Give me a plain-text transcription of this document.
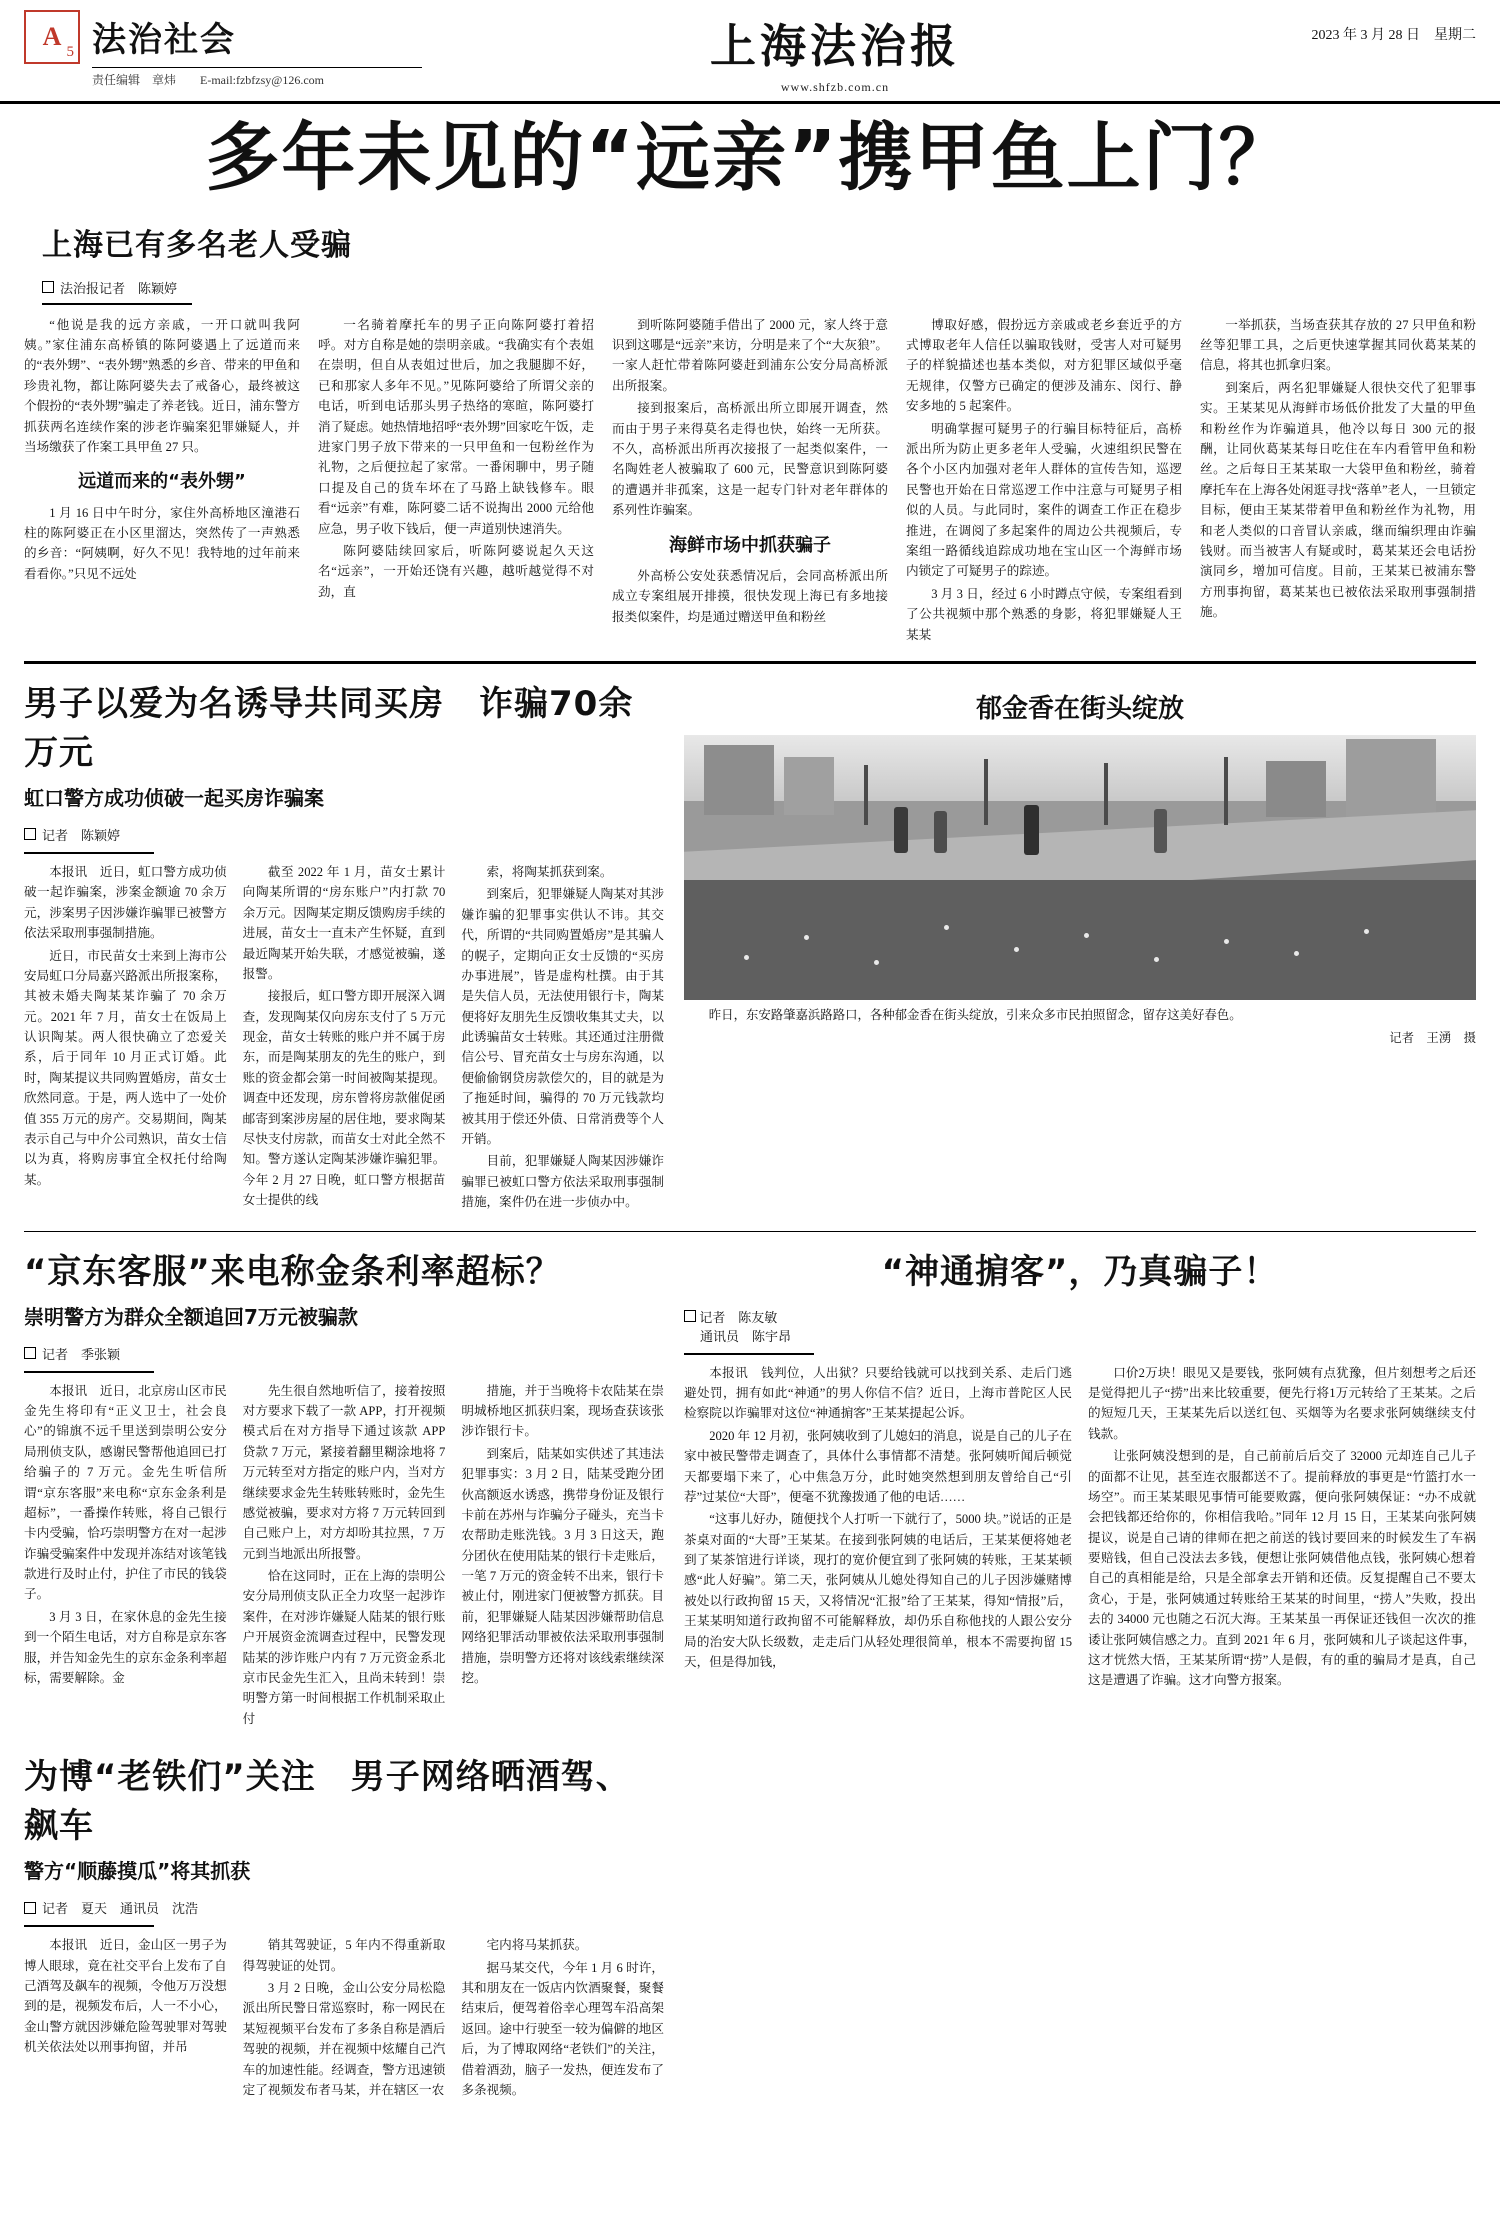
A
5 法治社会
责任编辑　章炜　　E-mail:fzbfzsy@126.com
上海法治报
www.shfzb.com.cn
2023 年 3 月 28 日　星期二
多年未见的“远亲”携甲鱼上门？
上海已有多名老人受骗
法治报记者　陈颖婷

“他说是我的远方亲戚，一开口就叫我阿姨。”家住浦东高桥镇的陈阿婆遇上了远道而来的“表外甥”、“表外甥”熟悉的乡音、带来的甲鱼和珍贵礼物，都让陈阿婆失去了戒备心，最终被这个假扮的“表外甥”骗走了养老钱。近日，浦东警方抓获两名连续作案的涉老诈骗案犯罪嫌疑人，并当场缴获了作案工具甲鱼 27 只。

远道而来的“表外甥”

1 月 16 日中午时分，家住外高桥地区潼港石柱的陈阿婆正在小区里溜达，突然传了一声熟悉的乡音：“阿姨啊，好久不见！我特地的过年前来看看你。”只见不远处

一名骑着摩托车的男子正向陈阿婆打着招呼。对方自称是她的崇明亲戚。“我确实有个表姐在崇明，但自从表姐过世后，加之我腿脚不好，已和那家人多年不见。”见陈阿婆给了所谓父亲的电话，听到电话那头男子热络的寒暄，陈阿婆打消了疑虑。她热情地招呼“表外甥”回家吃午饭，走进家门男子放下带来的一只甲鱼和一包粉丝作为礼物，之后便拉起了家常。一番闲聊中，男子随口提及自己的货车坏在了马路上缺钱修车。眼看“远亲”有难，陈阿婆二话不说掏出 2000 元给他应急，男子收下钱后，便一声道别快速消失。

陈阿婆陆续回家后，听陈阿婆说起久天这名“远亲”，一开始还饶有兴趣，越听越觉得不对劲，直

到听陈阿婆随手借出了 2000 元，家人终于意识到这哪是“远亲”来访，分明是来了个“大灰狼”。一家人赶忙带着陈阿婆赶到浦东公安分局高桥派出所报案。

接到报案后，高桥派出所立即展开调查，然而由于男子来得莫名走得也快，始终一无所获。不久，高桥派出所再次接报了一起类似案件，一名陶姓老人被骗取了 600 元，民警意识到陈阿婆的遭遇并非孤案，这是一起专门针对老年群体的系列性诈骗案。

海鲜市场中抓获骗子

外高桥公安处获悉情况后，会同高桥派出所成立专案组展开排摸，很快发现上海已有多地接报类似案件，均是通过赠送甲鱼和粉丝

博取好感，假扮远方亲戚或老乡套近乎的方式博取老年人信任以骗取钱财，受害人对可疑男子的样貌描述也基本类似，对方犯罪区域似乎毫无规律，仅警方已确定的便涉及浦东、闵行、静安多地的 5 起案件。

明确掌握可疑男子的行骗目标特征后，高桥派出所为防止更多老年人受骗，火速组织民警在各个小区内加强对老年人群体的宣传告知，巡逻民警也开始在日常巡逻工作中注意与可疑男子相似的人员。与此同时，案件的调查工作正在稳步推进，在调阅了多起案件的周边公共视频后，专案组一路循线追踪成功地在宝山区一个海鲜市场内锁定了可疑男子的踪迹。

3 月 3 日，经过 6 小时蹲点守候，专案组看到了公共视频中那个熟悉的身影，将犯罪嫌疑人王某某

一举抓获，当场查获其存放的 27 只甲鱼和粉丝等犯罪工具，之后更快速掌握其同伙葛某某的信息，将其也抓拿归案。

到案后，两名犯罪嫌疑人很快交代了犯罪事实。王某某见从海鲜市场低价批发了大量的甲鱼和粉丝作为诈骗道具，他冷以每日 300 元的报酬，让同伙葛某某每日吃住在车内看管甲鱼和粉丝。之后每日王某某取一大袋甲鱼和粉丝，骑着摩托车在上海各处闲逛寻找“落单”老人，一旦锁定目标，便由王某某带着甲鱼和粉丝作为礼物，用和老人类似的口音冒认亲戚，继而编织理由诈骗钱财。而当被害人有疑或时，葛某某还会电话扮演同乡，增加可信度。目前，王某某已被浦东警方刑事拘留，葛某某也已被依法采取刑事强制措施。

男子以爱为名诱导共同买房　诈骗70余万元
虹口警方成功侦破一起买房诈骗案
记者　陈颖婷

本报讯　近日，虹口警方成功侦破一起诈骗案，涉案金额逾 70 余万元，涉案男子因涉嫌诈骗罪已被警方依法采取刑事强制措施。

近日，市民苗女士来到上海市公安局虹口分局嘉兴路派出所报案称，其被未婚夫陶某某诈骗了 70 余万元。2021 年 7 月，苗女士在饭局上认识陶某。两人很快确立了恋爱关系，后于同年 10 月正式订婚。此时，陶某提议共同购置婚房，苗女士欣然同意。于是，两人选中了一处价值 355 万元的房产。交易期间，陶某表示自己与中介公司熟识，苗女士信以为真，将购房事宜全权托付给陶某。

截至 2022 年 1 月，苗女士累计向陶某所谓的“房东账户”内打款 70 余万元。因陶某定期反馈购房手续的进展，苗女士一直未产生怀疑，直到最近陶某开始失联，才感觉被骗，遂报警。

接报后，虹口警方即开展深入调查，发现陶某仅向房东支付了 5 万元现金，苗女士转账的账户并不属于房东，而是陶某朋友的先生的账户，到账的资金都会第一时间被陶某提现。调查中还发现，房东曾将房款催促函邮寄到案涉房屋的居住地，要求陶某尽快支付房款，而苗女士对此全然不知。警方遂认定陶某涉嫌诈骗犯罪。今年 2 月 27 日晚，虹口警方根据苗女士提供的线

索，将陶某抓获到案。

到案后，犯罪嫌疑人陶某对其涉嫌诈骗的犯罪事实供认不讳。其交代，所谓的“共同购置婚房”是其骗人的幌子，定期向正女士反馈的“买房办事进展”，皆是虚构杜撰。由于其是失信人员，无法使用银行卡，陶某便将好友朋先生反馈收集其丈夫，以此诱骗苗女士转账。其还通过注册微信公号、冒充苗女士与房东沟通，以便偷偷钢贷房款偿欠的，目的就是为了拖延时间，骗得的 70 万元钱款均被其用于偿还外债、日常消费等个人开销。

目前，犯罪嫌疑人陶某因涉嫌诈骗罪已被虹口警方依法采取刑事强制措施，案件仍在进一步侦办中。

郁金香在街头绽放
昨日，东安路肇嘉浜路路口，各种郁金香在街头绽放，引来众多市民拍照留念，留存这美好春色。
记者　王湧　摄
“京东客服”来电称金条利率超标？
崇明警方为群众全额追回7万元被骗款
记者　季张颖

本报讯　近日，北京房山区市民金先生将印有“正义卫士，社会良心”的锦旗不远千里送到崇明公安分局刑侦支队，感谢民警帮他追回已打给骗子的 7 万元。金先生听信所谓“京东客服”来电称“京东金条利是超标”，一番操作转账，将自己银行卡内受骗，恰巧崇明警方在对一起涉诈骗受骗案件中发现并冻结对该笔钱款进行及时止付，护住了市民的钱袋子。

3 月 3 日，在家休息的金先生接到一个陌生电话，对方自称是京东客服，并告知金先生的京东金条利率超标，需要解除。金

先生很自然地听信了，接着按照对方要求下载了一款 APP，打开视频模式后在对方指导下通过该款 APP 贷款 7 万元，紧接着翻里糊涂地将 7 万元转至对方指定的账户内，当对方继续要求金先生转账转账时，金先生感觉被骗，要求对方将 7 万元转回到自己账户上，对方却吩其拉黑，7 万元到当地派出所报警。

恰在这同时，正在上海的崇明公安分局刑侦支队正全力攻坚一起涉诈案件，在对涉诈嫌疑人陆某的银行账户开展资金流调查过程中，民警发现陆某的涉诈账户内有 7 万元资金系北京市民金先生汇入，且尚未转到！崇明警方第一时间根据工作机制采取止付

措施，并于当晚将卡农陆某在崇明城桥地区抓获归案，现场查获该张涉诈银行卡。

到案后，陆某如实供述了其违法犯罪事实：3 月 2 日，陆某受跑分团伙高额返水诱惑，携带身份证及银行卡前在苏州与诈骗分子碰头，充当卡农帮助走账洗钱。3 月 3 日这天，跑分团伙在使用陆某的银行卡走账后，一笔 7 万元的资金转不出来，银行卡被止付，刚进家门便被警方抓获。目前，犯罪嫌疑人陆某因涉嫌帮助信息网络犯罪活动罪被依法采取刑事强制措施，崇明警方还将对该线索继续深挖。

为博“老铁们”关注　男子网络晒酒驾、飙车
警方“顺藤摸瓜”将其抓获
记者　夏天　通讯员　沈浩

本报讯　近日，金山区一男子为博人眼球，竟在社交平台上发布了自己酒驾及飙车的视频，令他万万没想到的是，视频发布后，人一不小心，金山警方就因涉嫌危险驾驶罪对驾驶机关依法处以刑事拘留，并吊

销其驾驶证，5 年内不得重新取得驾驶证的处罚。

3 月 2 日晚，金山公安分局松隐派出所民警日常巡察时，称一网民在某短视频平台发布了多条自称是酒后驾驶的视频，并在视频中炫耀自己汽车的加速性能。经调查，警方迅速锁定了视频发布者马某，并在辖区一农

宅内将马某抓获。

据马某交代，今年 1 月 6 时许，其和朋友在一饭店内饮酒聚餐，聚餐结束后，便驾着俗幸心理驾车沿高架返回。途中行驶至一较为偏僻的地区后，为了博取网络“老铁们”的关注，借着酒劲，脑子一发热，便连发布了多条视频。

“神通掮客”，乃真骗子！
记者　陈友敏
通讯员　陈宇昂

本报讯　钱判位，人出狱？只要给钱就可以找到关系、走后门逃避处罚，拥有如此“神通”的男人你信不信？近日，上海市普陀区人民检察院以诈骗罪对这位“神通掮客”王某某提起公诉。

2020 年 12 月初，张阿姨收到了儿媳妇的消息，说是自己的儿子在家中被民警带走调查了，具体什么事情都不清楚。张阿姨听闻后顿觉天都要塌下来了，心中焦急万分，此时她突然想到朋友曾给自己“引荐”过某位“大哥”，便毫不犹豫拨通了他的电话……

“这事儿好办，随便找个人打听一下就行了，5000 块。”说话的正是茶桌对面的“大哥”王某某。在接到张阿姨的电话后，王某某便将她老到了某茶馆进行详谈，现打的宽价便宜到了张阿姨的转账，王某某顿感“此人好骗”。第二天，张阿姨从儿媳处得知自己的儿子因涉嫌赌博被处以行政拘留 15 天，又将情况“汇报”给了王某某，得知“情报”后，王某某明知道行政拘留不可能解释放，却仍乐自称他找的人跟公安分局的治安大队长级数，走走后门从轻处理很简单，根本不需要拘留 15 天，但是得加钱，

口价2万块！眼见又是要钱，张阿姨有点犹豫，但片刻想考之后还是觉得把儿子“捞”出来比较重要，便先行将1万元转给了王某某。之后的短短几天，王某某先后以送红包、买烟等为名要求张阿姨继续支付钱款。

让张阿姨没想到的是，自己前前后后交了 32000 元却连自己儿子的面都不让见，甚至连衣服都送不了。提前释放的事更是“竹篮打水一场空”。而王某某眼见事情可能要败露，便向张阿姨保证：“办不成就会把钱都还给你的，你相信我哈。”同年 12 月 15 日，王某某向张阿姨提议，说是自己请的律师在把之前送的钱讨要回来的时候发生了车祸要赔钱，但自己没法去多钱，便想让张阿姨借他点钱，张阿姨心想着自己的真相能是给，只是全部拿去开销和还债。反复提醒自己不要太贪心，于是，张阿姨通过转账给王某某的时间里，“捞人”失败，投出去的 34000 元也随之石沉大海。王某某虽一再保证还钱但一次次的推诿让张阿姨信感之力。直到 2021 年 6 月，张阿姨和儿子谈起这件事，这才恍然大悟，王某某所谓“捞”人是假，有的重的骗局才是真，自己这是遭遇了诈骗。这才向警方报案。
